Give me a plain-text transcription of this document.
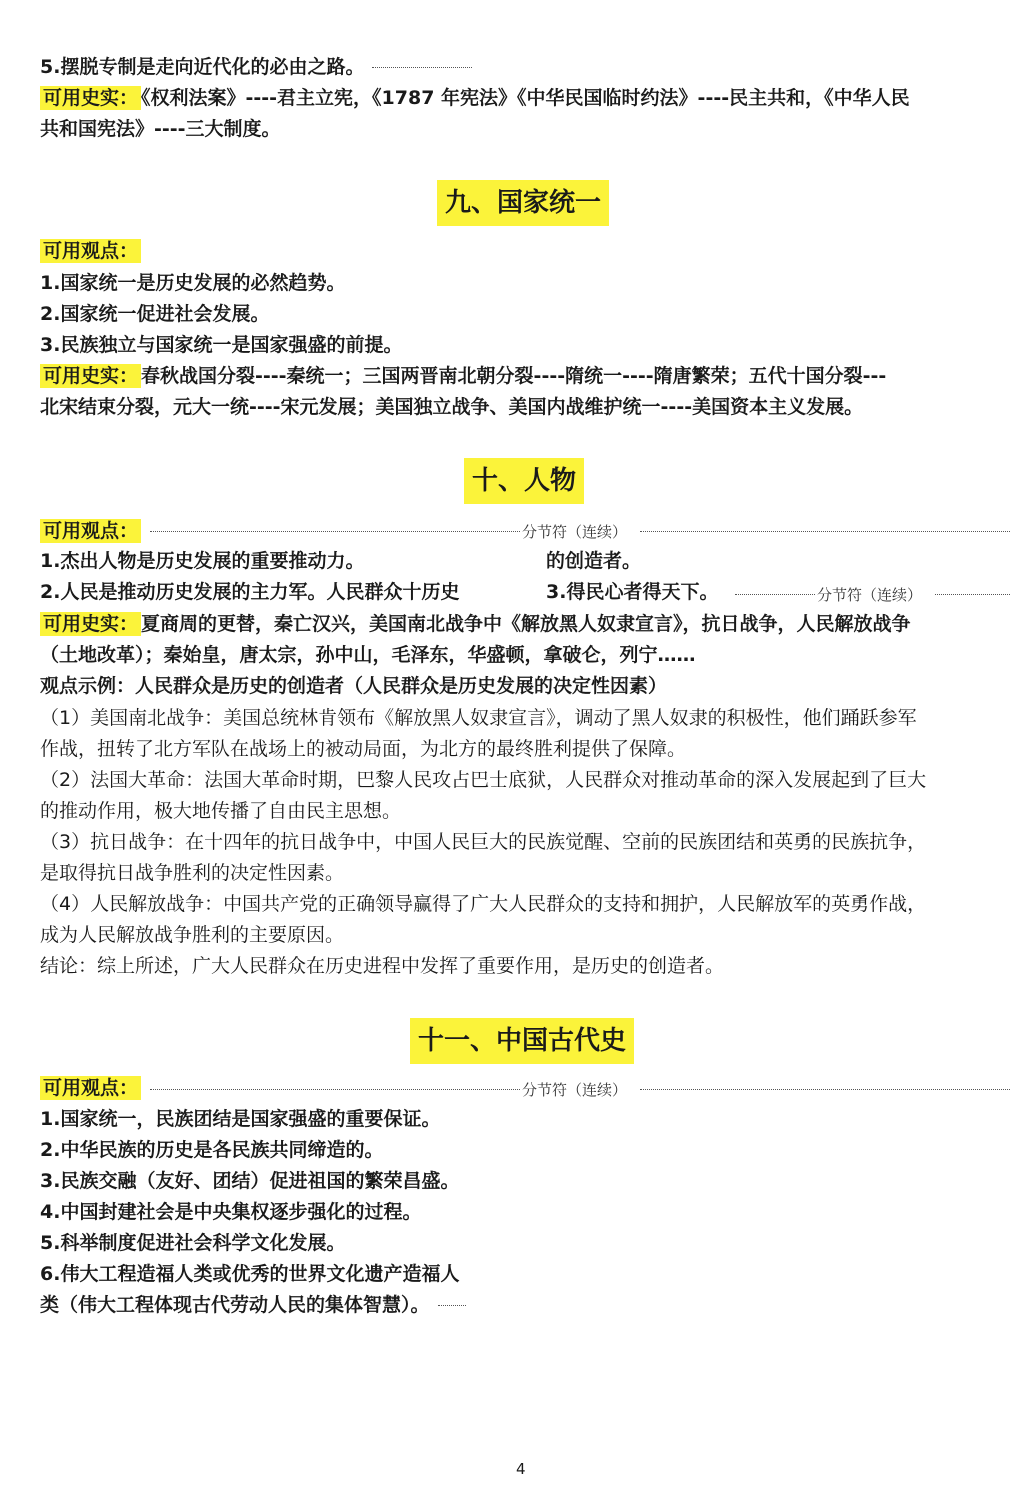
5.摆脱专制是走向近代化的必由之路。
可用史实： 《权利法案》----君主立宪，《1787 年宪法》《中华民国临时约法》----民主共和，《中华人民
共和国宪法》----三大制度。
九、国家统一
可用观点：
1.国家统一是历史发展的必然趋势。
2.国家统一促进社会发展。
3.民族独立与国家统一是国家强盛的前提。
可用史实： 春秋战国分裂----秦统一；三国两晋南北朝分裂----隋统一----隋唐繁荣；五代十国分裂---
北宋结束分裂，元大一统----宋元发展；美国独立战争、美国内战维护统一----美国资本主义发展。
十、人物
可用观点：	分节符（连续）
1.杰出人物是历史发展的重要推动力。	的创造者。
2.人民是推动历史发展的主力军。人民群众十历史	3.得民心者得天下。	分节符（连续）
可用史实： 夏商周的更替，秦亡汉兴，美国南北战争中《解放黑人奴隶宣言》，抗日战争，人民解放战争
（土地改革）；秦始皇，唐太宗，孙中山，毛泽东，华盛顿，拿破仑，列宁……
观点示例：人民群众是历史的创造者（人民群众是历史发展的决定性因素）
（1）美国南北战争：美国总统林肯领布《解放黑人奴隶宣言》，调动了黑人奴隶的积极性，他们踊跃参军
作战，扭转了北方军队在战场上的被动局面，为北方的最终胜利提供了保障。
（2）法国大革命：法国大革命时期，巴黎人民攻占巴士底狱，人民群众对推动革命的深入发展起到了巨大
的推动作用，极大地传播了自由民主思想。
（3）抗日战争：在十四年的抗日战争中，中国人民巨大的民族觉醒、空前的民族团结和英勇的民族抗争，
是取得抗日战争胜利的决定性因素。
（4）人民解放战争：中国共产党的正确领导赢得了广大人民群众的支持和拥护，人民解放军的英勇作战，
成为人民解放战争胜利的主要原因。
结论：综上所述，广大人民群众在历史进程中发挥了重要作用，是历史的创造者。
十一、中国古代史
可用观点：	分节符（连续）
1.国家统一，民族团结是国家强盛的重要保证。
2.中华民族的历史是各民族共同缔造的。
3.民族交融（友好、团结）促进祖国的繁荣昌盛。
4.中国封建社会是中央集权逐步强化的过程。
5.科举制度促进社会科学文化发展。
6.伟大工程造福人类或优秀的世界文化遗产造福人
类（伟大工程体现古代劳动人民的集体智慧）。
4
